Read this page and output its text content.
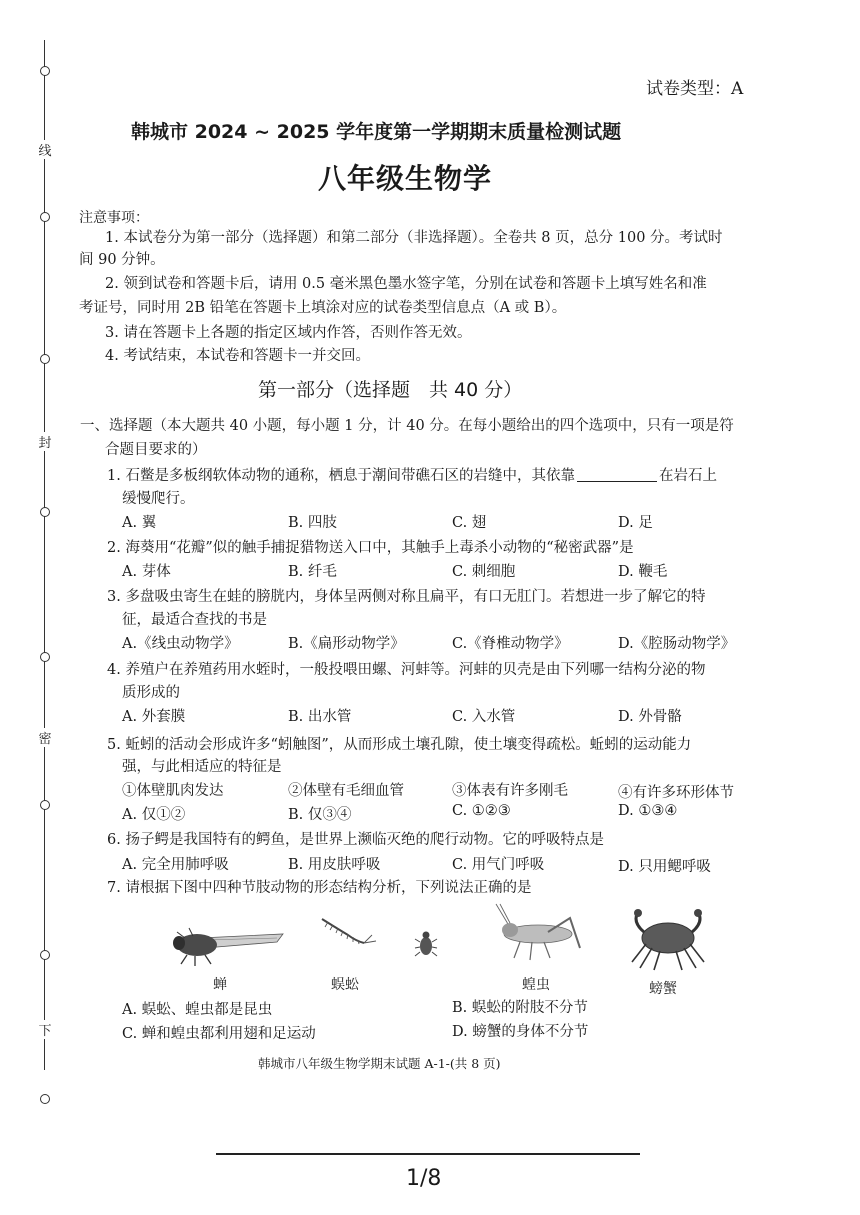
线
封
密
下
试卷类型：A
韩城市 2024 ~ 2025 学年度第一学期期末质量检测试题
八年级生物学
注意事项：
1. 本试卷分为第一部分（选择题）和第二部分（非选择题）。全卷共 8 页，总分 100 分。考试时
间 90 分钟。
2. 领到试卷和答题卡后，请用 0.5 毫米黑色墨水签字笔，分别在试卷和答题卡上填写姓名和准
考证号，同时用 2B 铅笔在答题卡上填涂对应的试卷类型信息点（A 或 B）。
3. 请在答题卡上各题的指定区域内作答，否则作答无效。
4. 考试结束，本试卷和答题卡一并交回。
第一部分（选择题　共 40 分）
一、选择题（本大题共 40 小题，每小题 1 分，计 40 分。在每小题给出的四个选项中，只有一项是符
合题目要求的）
1. 石鳖是多板纲软体动物的通称，栖息于潮间带礁石区的岩缝中，其依靠	在岩石上
缓慢爬行。
A. 翼	B. 四肢	C. 翅	D. 足
2. 海葵用“花瓣”似的触手捕捉猎物送入口中，其触手上毒杀小动物的“秘密武器”是
A. 芽体	B. 纤毛	C. 刺细胞	D. 鞭毛
3. 多盘吸虫寄生在蛙的膀胱内，身体呈两侧对称且扁平，有口无肛门。若想进一步了解它的特
征，最适合查找的书是
A.《线虫动物学》	B.《扁形动物学》	C.《脊椎动物学》	D.《腔肠动物学》
4. 养殖户在养殖药用水蛭时，一般投喂田螺、河蚌等。河蚌的贝壳是由下列哪一结构分泌的物
质形成的
A. 外套膜	B. 出水管	C. 入水管	D. 外骨骼
5. 蚯蚓的活动会形成许多“蚓触图”，从而形成土壤孔隙，使土壤变得疏松。蚯蚓的运动能力
强，与此相适应的特征是
①体壁肌肉发达	②体壁有毛细血管	③体表有许多刚毛	④有许多环形体节
A. 仅①②	B. 仅③④	C. ①②③	D. ①③④
6. 扬子鳄是我国特有的鳄鱼，是世界上濒临灭绝的爬行动物。它的呼吸特点是
A. 完全用肺呼吸	B. 用皮肤呼吸	C. 用气门呼吸	D. 只用鳃呼吸
7. 请根据下图中四种节肢动物的形态结构分析，下列说法正确的是
蝉	蜈蚣	蝗虫	螃蟹
A. 蜈蚣、蝗虫都是昆虫	B. 蜈蚣的附肢不分节
C. 蝉和蝗虫都利用翅和足运动	D. 螃蟹的身体不分节
韩城市八年级生物学期末试题 A-1-(共 8 页)
1/8
